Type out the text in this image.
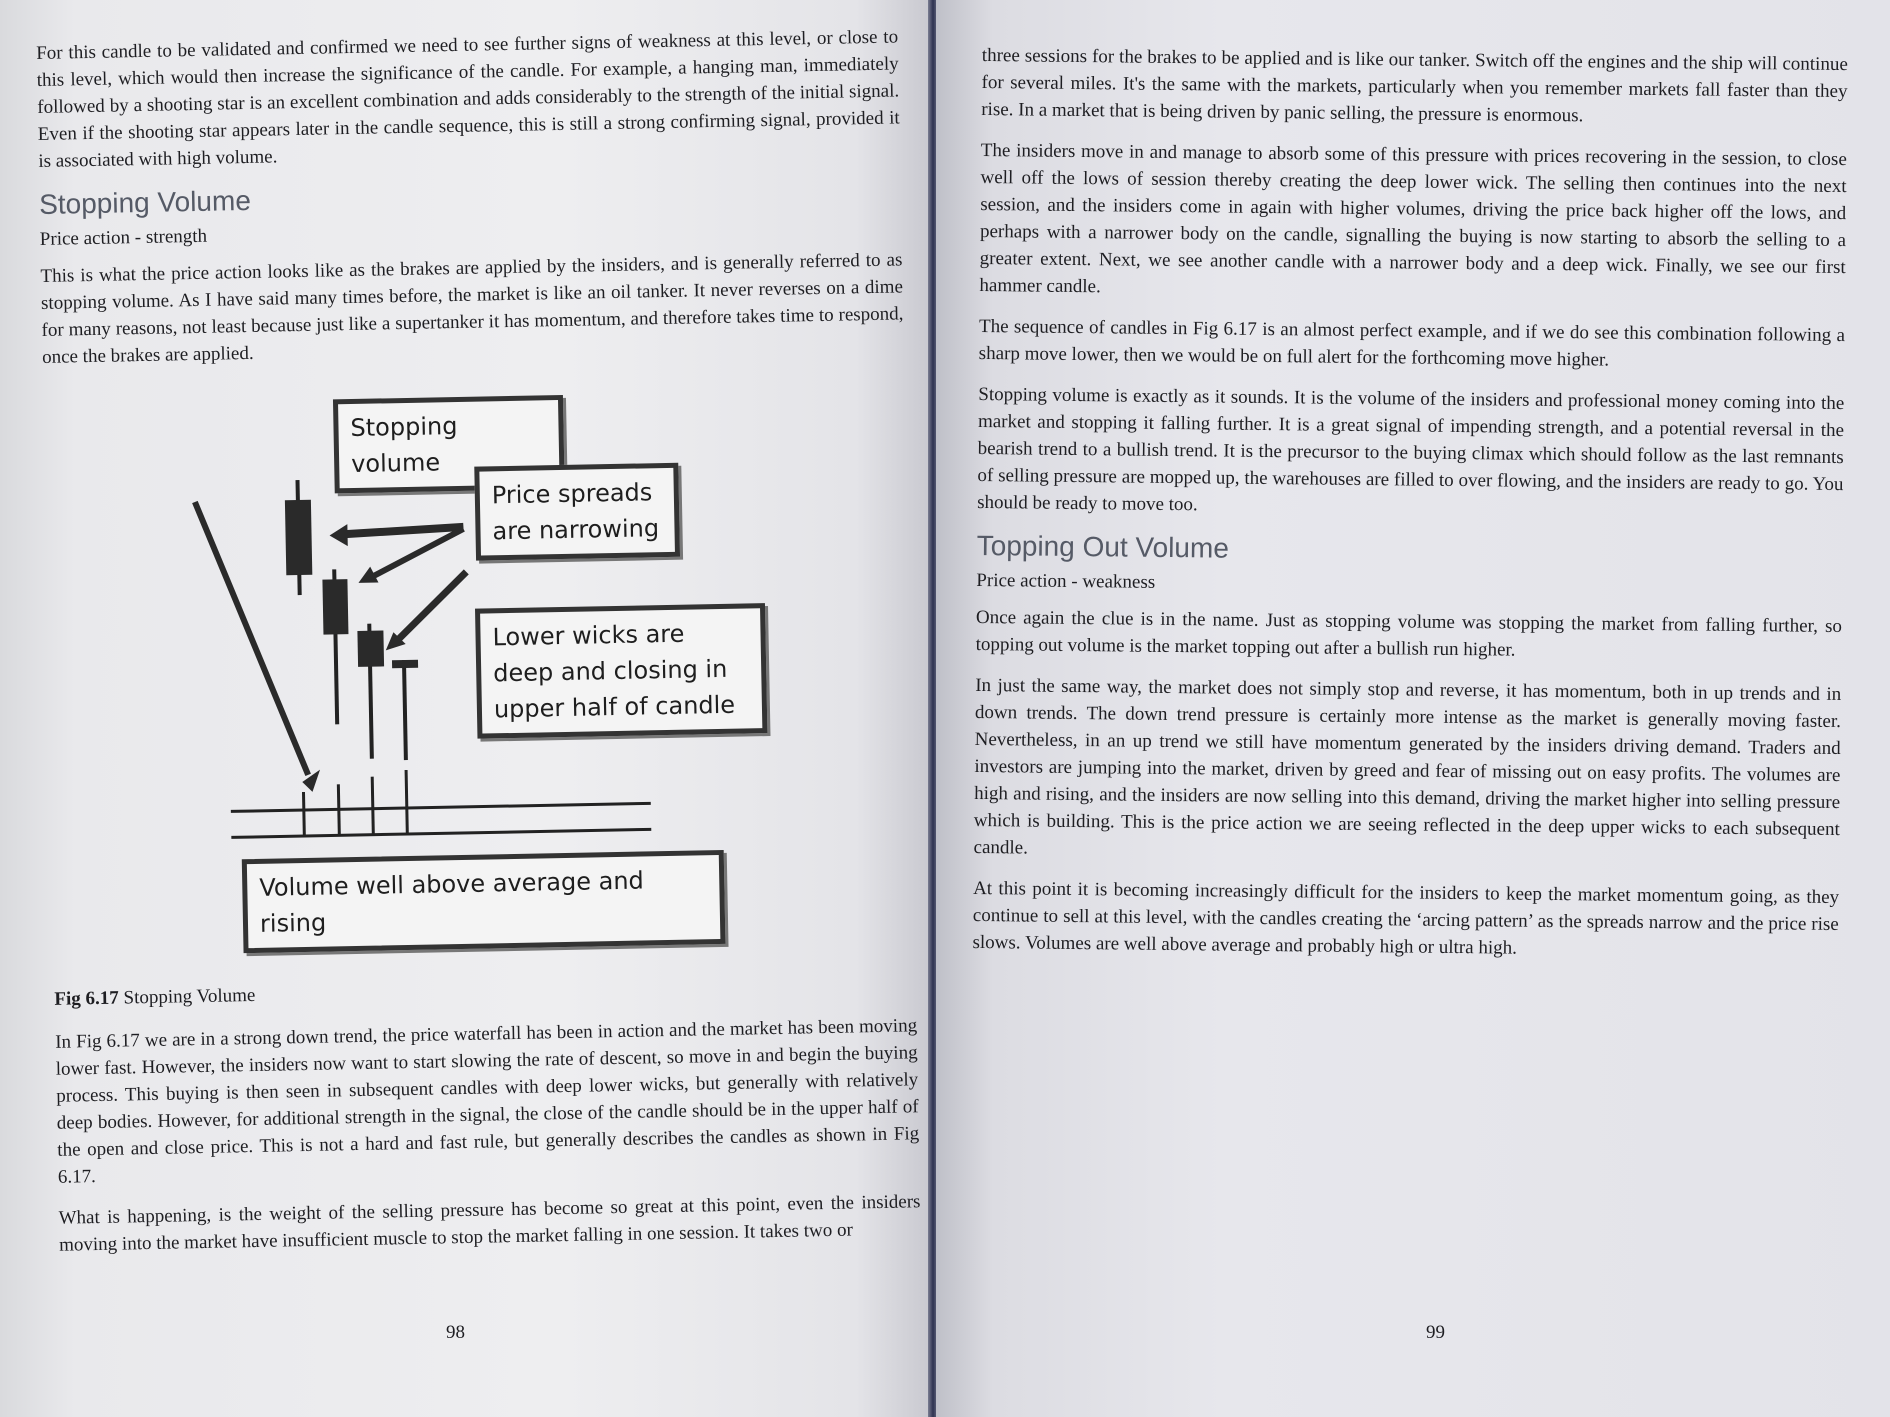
For this candle to be validated and confirmed we need to see further signs of weakness at this level, or close to this level, which would then increase the significance of the candle. For example, a hanging man, immediately followed by a shooting star is an excellent combination and adds considerably to the strength of the initial signal. Even if the shooting star appears later in the candle sequence, this is still a strong confirming signal, provided it is associated with high volume.

Stopping Volume
Price action - strength

This is what the price action looks like as the brakes are applied by the insiders, and is generally referred to as stopping volume. As I have said many times before, the market is like an oil tanker. It never reverses on a dime for many reasons, not least because just like a supertanker it has momentum, and therefore takes time to respond, once the brakes are applied.

Stopping volume
Price spreads are narrowing
Lower wicks are deep and closing in upper half of candle
Volume well above average and rising
Fig 6.17 Stopping Volume

In Fig 6.17 we are in a strong down trend, the price waterfall has been in action and the market has been moving lower fast. However, the insiders now want to start slowing the rate of descent, so move in and begin the buying process. This buying is then seen in subsequent candles with deep lower wicks, but generally with relatively deep bodies. However, for additional strength in the signal, the close of the candle should be in the upper half of the open and close price. This is not a hard and fast rule, but generally describes the candles as shown in Fig 6.17.

What is happening, is the weight of the selling pressure has become so great at this point, even the insiders moving into the market have insufficient muscle to stop the market falling in one session. It takes two or

98

three sessions for the brakes to be applied and is like our tanker. Switch off the engines and the ship will continue for several miles. It's the same with the markets, particularly when you remember markets fall faster than they rise. In a market that is being driven by panic selling, the pressure is enormous.

The insiders move in and manage to absorb some of this pressure with prices recovering in the session, to close well off the lows of session thereby creating the deep lower wick. The selling then continues into the next session, and the insiders come in again with higher volumes, driving the price back higher off the lows, and perhaps with a narrower body on the candle, signalling the buying is now starting to absorb the selling to a greater extent. Next, we see another candle with a narrower body and a deep wick. Finally, we see our first hammer candle.

The sequence of candles in Fig 6.17 is an almost perfect example, and if we do see this combination following a sharp move lower, then we would be on full alert for the forthcoming move higher.

Stopping volume is exactly as it sounds. It is the volume of the insiders and professional money coming into the market and stopping it falling further. It is a great signal of impending strength, and a potential reversal in the bearish trend to a bullish trend. It is the precursor to the buying climax which should follow as the last remnants of selling pressure are mopped up, the warehouses are filled to over flowing, and the insiders are ready to go. You should be ready to move too.

Topping Out Volume
Price action - weakness

Once again the clue is in the name. Just as stopping volume was stopping the market from falling further, so topping out volume is the market topping out after a bullish run higher.

In just the same way, the market does not simply stop and reverse, it has momentum, both in up trends and in down trends. The down trend pressure is certainly more intense as the market is generally moving faster. Nevertheless, in an up trend we still have momentum generated by the insiders driving demand. Traders and investors are jumping into the market, driven by greed and fear of missing out on easy profits. The volumes are high and rising, and the insiders are now selling into this demand, driving the market higher into selling pressure which is building. This is the price action we are seeing reflected in the deep upper wicks to each subsequent candle.

At this point it is becoming increasingly difficult for the insiders to keep the market momentum going, as they continue to sell at this level, with the candles creating the ‘arcing pattern’ as the spreads narrow and the price rise slows. Volumes are well above average and probably high or ultra high.

99
